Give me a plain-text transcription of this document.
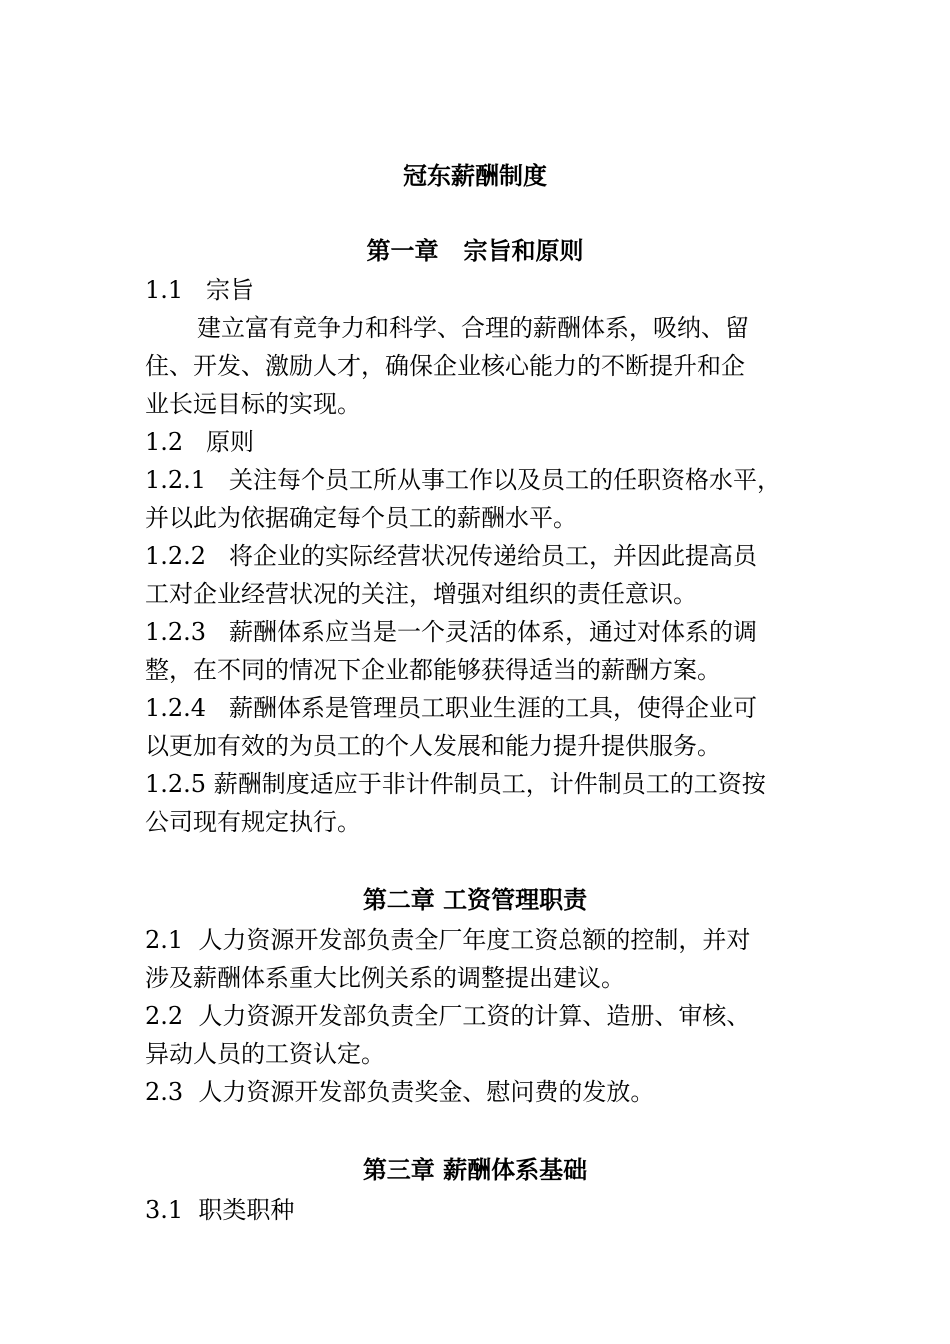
冠东薪酬制度
第一章   宗旨和原则
1.1   宗旨
建立富有竞争力和科学、合理的薪酬体系，吸纳、留
住、开发、激励人才，确保企业核心能力的不断提升和企
业长远目标的实现。
1.2   原则
1.2.1   关注每个员工所从事工作以及员工的任职资格水平，
并以此为依据确定每个员工的薪酬水平。
1.2.2   将企业的实际经营状况传递给员工，并因此提高员
工对企业经营状况的关注，增强对组织的责任意识。
1.2.3   薪酬体系应当是一个灵活的体系，通过对体系的调
整，在不同的情况下企业都能够获得适当的薪酬方案。
1.2.4   薪酬体系是管理员工职业生涯的工具，使得企业可
以更加有效的为员工的个人发展和能力提升提供服务。
1.2.5 薪酬制度适应于非计件制员工，计件制员工的工资按
公司现有规定执行。
第二章 工资管理职责
2.1  人力资源开发部负责全厂年度工资总额的控制，并对
涉及薪酬体系重大比例关系的调整提出建议。
2.2  人力资源开发部负责全厂工资的计算、造册、审核、
异动人员的工资认定。
2.3  人力资源开发部负责奖金、慰问费的发放。
第三章 薪酬体系基础
3.1  职类职种
